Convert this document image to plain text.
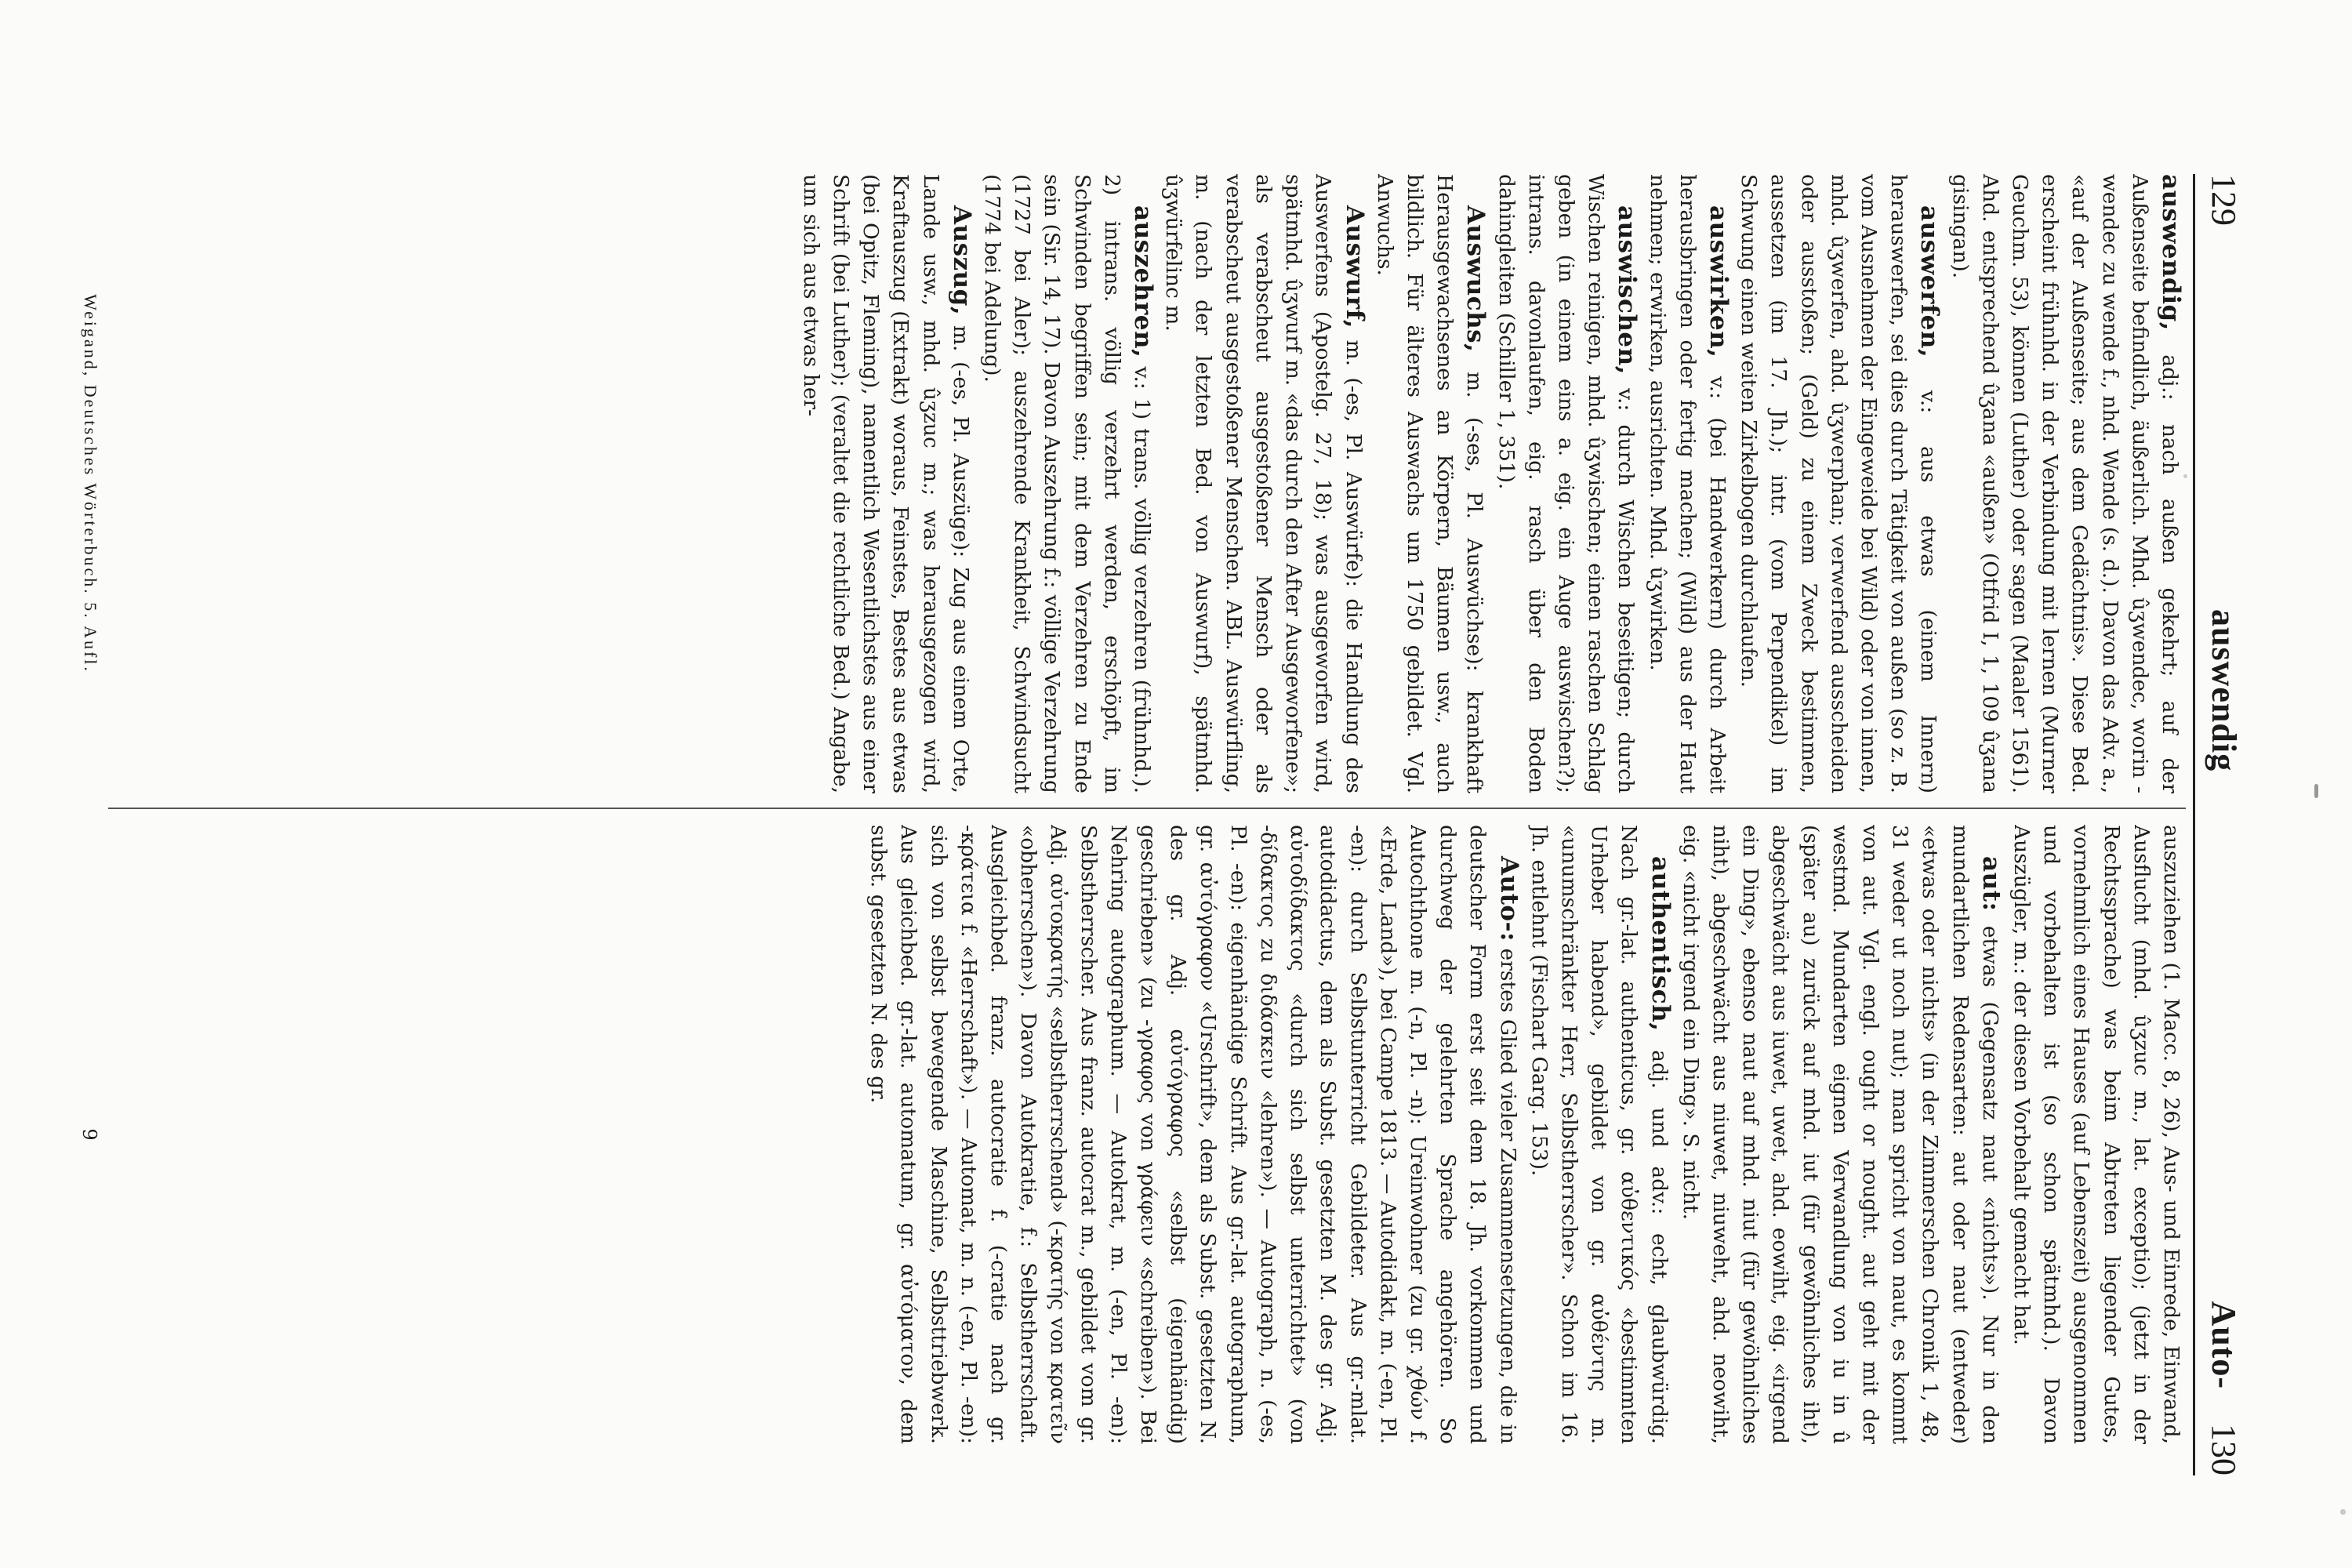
129
auswendig
Auto-
130

auswendig, adj.: nach außen gekehrt; auf der Außenseite befindlich, äußerlich. Mhd. ûʒwendec, worin -wendec zu wende f., nhd. Wende (s. d.). Davon das Adv. a., «auf der Außenseite; aus dem Gedächtnis». Diese Bed. erscheint frühnhd. in der Verbindung mit lernen (Murner Geuchm. 53), können (Luther) oder sagen (Maaler 1561). Ahd. entsprechend ûʒana «außen» (Otfrid I, 1, 109 ûʒana gisingan).

auswerfen, v.: aus etwas (einem Innern) herauswerfen, sei dies durch Tätigkeit von außen (so z. B. vom Ausnehmen der Eingeweide bei Wild) oder von innen, mhd. ûʒwerfen, ahd. ûʒwerphan; verwerfend ausscheiden oder ausstoßen; (Geld) zu einem Zweck bestimmen, aussetzen (im 17. Jh.); intr. (vom Perpendikel) im Schwung einen weiten Zirkelbogen durchlaufen.

auswirken, v.: (bei Handwerkern) durch Arbeit herausbringen oder fertig machen; (Wild) aus der Haut nehmen; erwirken, ausrichten. Mhd. ûʒwirken.

auswischen, v.: durch Wischen beseitigen; durch Wischen reinigen, mhd. ûʒwischen; einen raschen Schlag geben (in einem eins a. eig. ein Auge auswischen?); intrans. davonlaufen, eig. rasch über den Boden dahingleiten (Schiller 1, 351).

Auswuchs, m. (-ses, Pl. Auswüchse): krankhaft Herausgewachsenes an Körpern, Bäumen usw., auch bildlich. Für älteres Auswachs um 1750 gebildet. Vgl. Anwuchs.

Auswurf, m. (-es, Pl. Auswürfe): die Handlung des Auswerfens (Apostelg. 27, 18); was ausgeworfen wird, spätmhd. ûʒwurf m. «das durch den After Ausgeworfene»; als verabscheut ausgestoßener Mensch oder als verabscheut ausgestoßener Menschen. ABL. Auswürfling, m. (nach der letzten Bed. von Auswurf), spätmhd. ûʒwürfelinc m.

auszehren, v.: 1) trans. völlig verzehren (frühnhd.). 2) intrans. völlig verzehrt werden, erschöpft, im Schwinden begriffen sein; mit dem Verzehren zu Ende sein (Sir. 14, 17). Davon Auszehrung f.: völlige Verzehrung (1727 bei Aler); auszehrende Krankheit, Schwindsucht (1774 bei Adelung).

Auszug, m. (-es, Pl. Auszüge): Zug aus einem Orte, Lande usw., mhd. ûʒzuc m.; was herausgezogen wird, Kraftauszug (Extrakt) woraus, Feinstes, Bestes aus etwas (bei Opitz, Fleming), namentlich Wesentlichstes aus einer Schrift (bei Luther); (veraltet die rechtliche Bed.) Angabe, um sich aus etwas her-

Weigand, Deutsches Wörterbuch. 5. Aufl.

auszuziehen (1. Macc. 8, 26), Aus- und Einrede, Einwand, Ausflucht (mhd. ûʒzuc m., lat. exceptio); (jetzt in der Rechtssprache) was beim Abtreten liegender Gutes, vornehmlich eines Hauses (auf Lebenszeit) ausgenommen und vorbehalten ist (so schon spätmhd.). Davon Auszügler, m.: der diesen Vorbehalt gemacht hat.

aut: etwas (Gegensatz naut «nichts»). Nur in den mundartlichen Redensarten: aut oder naut (entweder) «etwas oder nichts» (in der Zimmerschen Chronik 1, 48, 31 weder ut noch nut); man spricht von naut, es kommt von aut. Vgl. engl. ought or nought. aut geht mit der westmd. Mundarten eignen Verwandlung von iu in û (später au) zurück auf mhd. iut (für gewöhnliches iht), abgeschwächt aus iuwet, uwet, ahd. eowiht, eig. «irgend ein Ding», ebenso naut auf mhd. niut (für gewöhnliches niht), abgeschwächt aus niuwet, niuweht, ahd. neowiht, eig. «nicht irgend ein Ding». S. nicht.

authentisch, adj. und adv.: echt, glaubwürdig. Nach gr.-lat. authenticus, gr. αὐθεντικός «bestimmten Urheber habend», gebildet von gr. αὐθέντης m. «unumschränkter Herr, Selbstherrscher». Schon im 16. Jh. entlehnt (Fischart Garg. 153).

Auto-: erstes Glied vieler Zusammensetzungen, die in deutscher Form erst seit dem 18. Jh. vorkommen und durchweg der gelehrten Sprache angehören. So Autochthone m. (-n, Pl. -n): Ureinwohner (zu gr. χθών f. «Erde, Land»), bei Campe 1813. — Autodidakt, m. (-en, Pl. -en): durch Selbstunterricht Gebildeter. Aus gr.-mlat. autodidactus, dem als Subst. gesetzten M. des gr. Adj. αὐτοδίδακτος «durch sich selbst unterrichtet» (von -δίδακτος zu διδάσκειν «lehren»). — Autograph, n. (-es, Pl. -en): eigenhändige Schrift. Aus gr.-lat. autographum, gr. αὐτόγραφον «Urschrift», dem als Subst. gesetzten N. des gr. Adj. αὐτόγραφος «selbst (eigenhändig) geschrieben» (zu -γραφος von γράφειν «schreiben»). Bei Nehring autographum. — Autokrat, m. (-en, Pl. -en): Selbstherrscher. Aus franz. autocrat m., gebildet vom gr. Adj. αὐτοκρατής «selbstherrschend» (-κρατής von κρατεῖν «obherrschen»). Davon Autokratie, f.: Selbstherrschaft. Ausgleichbed. franz. autocratie f. (-cratie nach gr. -κράτεια f. «Herrschaft»). — Automat, m. n. (-en, Pl. -en): sich von selbst bewegende Maschine, Selbsttriebwerk. Aus gleichbed. gr.-lat. automatum, gr. αὐτόματον, dem subst. gesetzten N. des gr.

9
